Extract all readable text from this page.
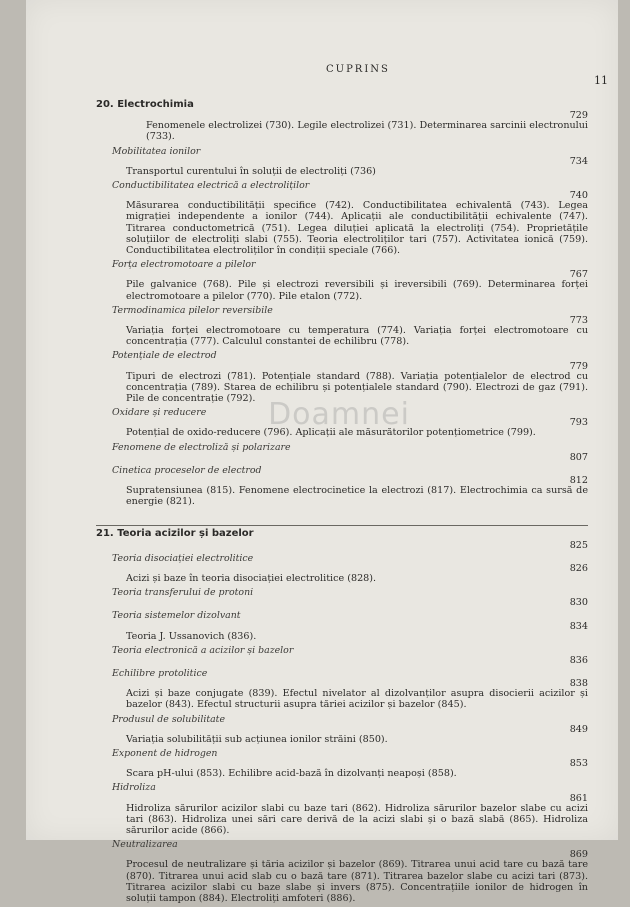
Doamnei
CUPRINS
11
20. Electrochimia
729
Fenomenele electrolizei (730). Legile electrolizei (731). Determinarea sarcinii electronului (733).
Mobilitatea ionilor
734
Transportul curentului în soluții de electroliți (736)
Conductibilitatea electrică a electroliților
740
Măsurarea conductibilității specifice (742). Conductibilitatea echivalentă (743). Legea migrației independente a ionilor (744). Aplicații ale conductibilității echivalente (747). Titrarea conductometrică (751). Legea diluției aplicată la electroliți (754). Proprietățile soluțiilor de electroliți slabi (755). Teoria electroliților tari (757). Activitatea ionică (759). Conductibilitatea electroliților în condiții speciale (766).
Forța electromotoare a pilelor
767
Pile galvanice (768). Pile și electrozi reversibili și ireversibili (769). Determinarea forței electromotoare a pilelor (770). Pile etalon (772).
Termodinamica pilelor reversibile
773
Variația forței electromotoare cu temperatura (774). Variația forței electromotoare cu concentrația (777). Calculul constantei de echilibru (778).
Potențiale de electrod
779
Tipuri de electrozi (781). Potențiale standard (788). Variația potențialelor de electrod cu concentrația (789). Starea de echilibru și potențialele standard (790). Electrozi de gaz (791). Pile de concentrație (792).
Oxidare și reducere
793
Potențial de oxido-reducere (796). Aplicații ale măsurătorilor potențiometrice (799).
Fenomene de electroliză și polarizare
807
Cinetica proceselor de electrod
812
Supratensiunea (815). Fenomene electrocinetice la electrozi (817). Electrochimia ca sursă de energie (821).
21. Teoria acizilor și bazelor
825
Teoria disociației electrolitice
826
Acizi și baze în teoria disociației electrolitice (828).
Teoria transferului de protoni
830
Teoria sistemelor dizolvant
834
Teoria J. Ussanovich (836).
Teoria electronică a acizilor și bazelor
836
Echilibre protolitice
838
Acizi și baze conjugate (839). Efectul nivelator al dizolvanților asupra disocierii acizilor și bazelor (843). Efectul structurii asupra tăriei acizilor și bazelor (845).
Produsul de solubilitate
849
Variația solubilității sub acțiunea ionilor străini (850).
Exponent de hidrogen
853
Scara pH-ului (853). Echilibre acid-bază în dizolvanți neapoși (858).
Hidroliza
861
Hidroliza sărurilor acizilor slabi cu baze tari (862). Hidroliza sărurilor bazelor slabe cu acizi tari (863). Hidroliza unei sări care derivă de la acizi slabi și o bază slabă (865). Hidroliza sărurilor acide (866).
Neutralizarea
869
Procesul de neutralizare și tăria acizilor și bazelor (869). Titrarea unui acid tare cu bază tare (870). Titrarea unui acid slab cu o bază tare (871). Titrarea bazelor slabe cu acizi tari (873). Titrarea acizilor slabi cu baze slabe și invers (875). Concentrațiile ionilor de hidrogen în soluții tampon (884). Electroliți amfoteri (886).
